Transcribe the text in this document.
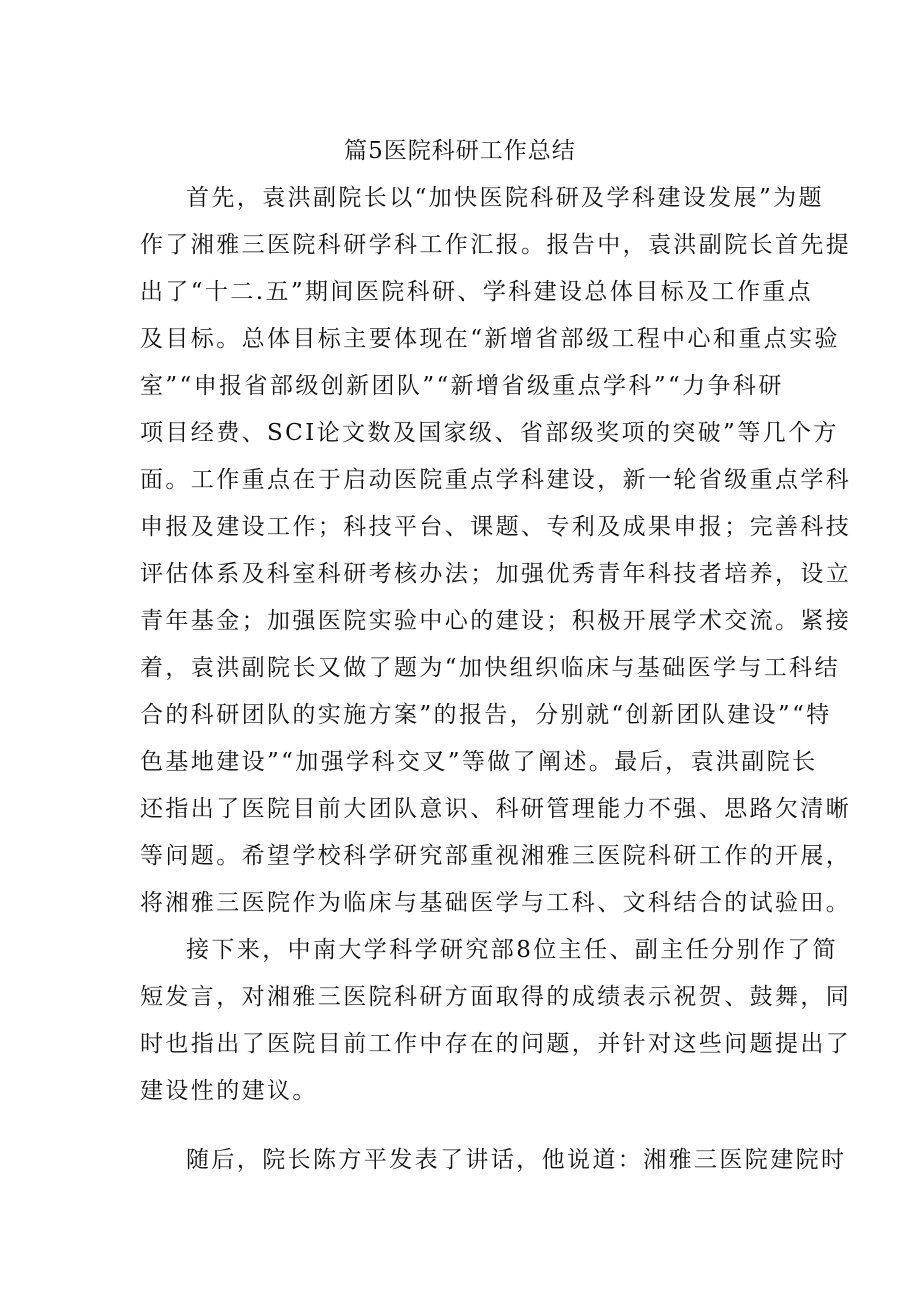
篇5医院科研工作总结
首先，袁洪副院长以“加快医院科研及学科建设发展”为题
作了湘雅三医院科研学科工作汇报。报告中，袁洪副院长首先提
出了“十二.五”期间医院科研、学科建设总体目标及工作重点
及目标。总体目标主要体现在“新增省部级工程中心和重点实验
室”“申报省部级创新团队”“新增省级重点学科”“力争科研
项目经费、SCI论文数及国家级、省部级奖项的突破”等几个方
面。工作重点在于启动医院重点学科建设，新一轮省级重点学科
申报及建设工作；科技平台、课题、专利及成果申报；完善科技
评估体系及科室科研考核办法；加强优秀青年科技者培养，设立
青年基金；加强医院实验中心的建设；积极开展学术交流。紧接
着，袁洪副院长又做了题为“加快组织临床与基础医学与工科结
合的科研团队的实施方案”的报告，分别就“创新团队建设”“特
色基地建设”“加强学科交叉”等做了阐述。最后，袁洪副院长
还指出了医院目前大团队意识、科研管理能力不强、思路欠清晰
等问题。希望学校科学研究部重视湘雅三医院科研工作的开展，
将湘雅三医院作为临床与基础医学与工科、文科结合的试验田。
接下来，中南大学科学研究部8位主任、副主任分别作了简
短发言，对湘雅三医院科研方面取得的成绩表示祝贺、鼓舞，同
时也指出了医院目前工作中存在的问题，并针对这些问题提出了
建设性的建议。
随后，院长陈方平发表了讲话，他说道：湘雅三医院建院时
